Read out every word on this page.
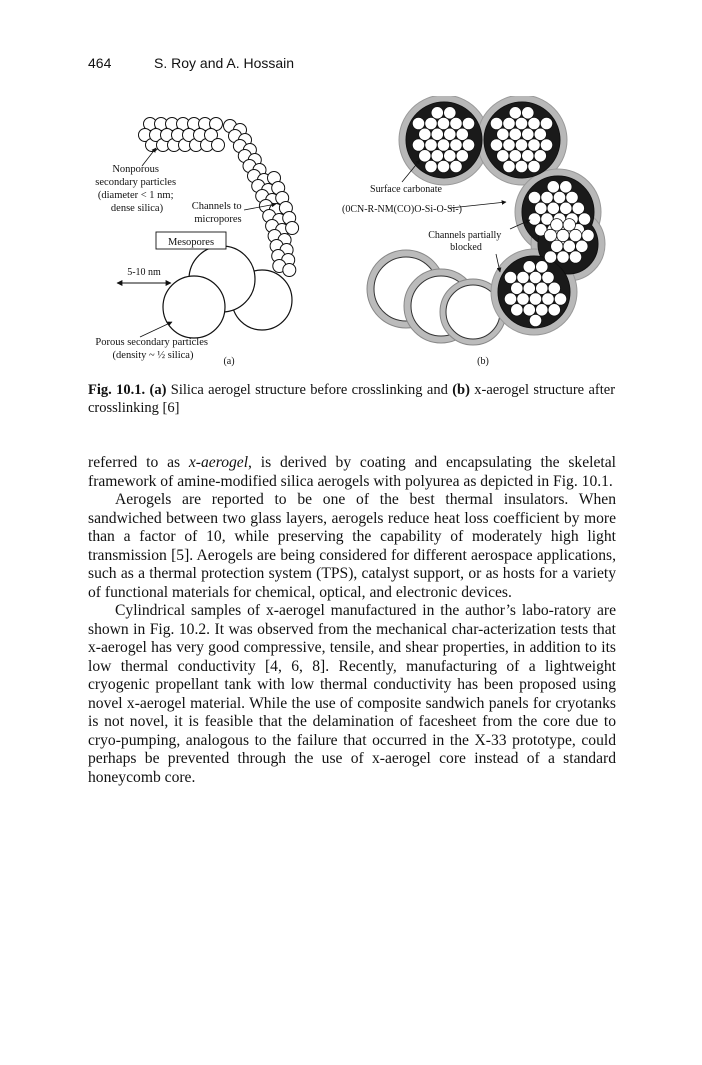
464	S. Roy and A. Hossain
5-10 nm
Nonporous secondary particles (diameter < 1 nm; dense silica)	Channels to micropores
Mesopores
Porous secondary particles (density ~ ½ silica)
(a)
Surface carbonate
(0CN-R-NM(CO)O-Si-O-Si-)
Channels partially blocked
(b)
Fig. 10.1. (a) Silica aerogel structure before crosslinking and (b) x-aerogel structure after crosslinking [6]

referred to as x-aerogel, is derived by coating and encapsulating the skeletal framework of amine-modified silica aerogels with polyurea as depicted in Fig. 10.1.

Aerogels are reported to be one of the best thermal insulators. When sandwiched between two glass layers, aerogels reduce heat loss coefficient by more than a factor of 10, while preserving the capability of moderately high light transmission [5]. Aerogels are being considered for different aerospace applications, such as a thermal protection system (TPS), catalyst support, or as hosts for a variety of functional materials for chemical, optical, and electronic devices.

Cylindrical samples of x-aerogel manufactured in the author’s labo-ratory are shown in Fig. 10.2. It was observed from the mechanical char-acterization tests that x-aerogel has very good compressive, tensile, and shear properties, in addition to its low thermal conductivity [4, 6, 8]. Recently, manufacturing of a lightweight cryogenic propellant tank with low thermal conductivity has been proposed using novel x-aerogel material. While the use of composite sandwich panels for cryotanks is not novel, it is feasible that the delamination of facesheet from the core due to cryo-pumping, analogous to the failure that occurred in the X-33 prototype, could perhaps be prevented through the use of x-aerogel core instead of a standard honeycomb core.
